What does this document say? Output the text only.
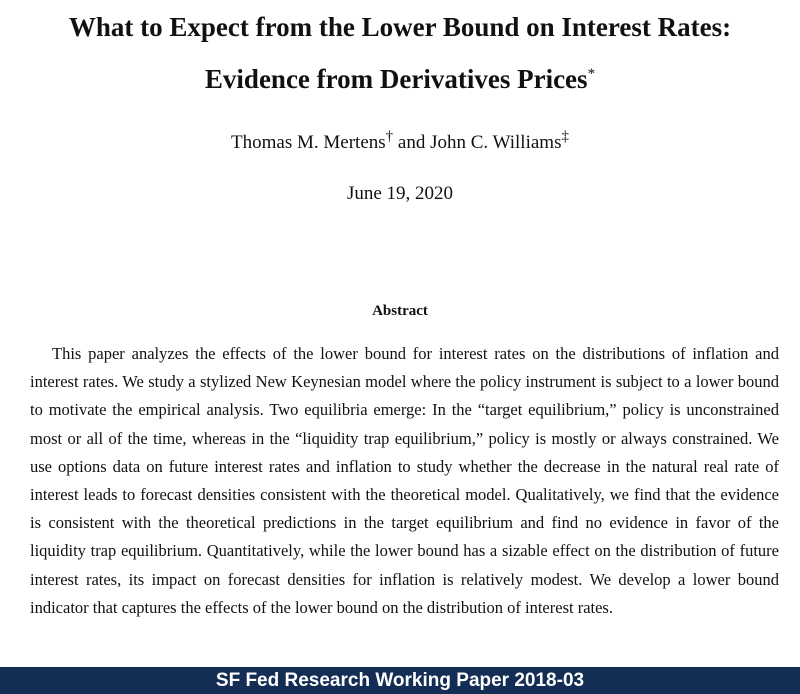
What to Expect from the Lower Bound on Interest Rates:
Evidence from Derivatives Prices*
Thomas M. Mertens† and John C. Williams‡
June 19, 2020
Abstract

This paper analyzes the effects of the lower bound for interest rates on the distributions of inflation and interest rates. We study a stylized New Keynesian model where the policy instrument is subject to a lower bound to motivate the empirical analysis. Two equilibria emerge: In the “target equilibrium,” policy is unconstrained most or all of the time, whereas in the “liquidity trap equilibrium,” policy is mostly or always constrained. We use options data on future interest rates and inflation to study whether the decrease in the natural real rate of interest leads to forecast densities consistent with the theoretical model. Qualitatively, we find that the evidence is consistent with the theoretical predictions in the target equilibrium and find no evidence in favor of the liquidity trap equilibrium. Quantitatively, while the lower bound has a sizable effect on the distribution of future interest rates, its impact on forecast densities for inflation is relatively modest. We develop a lower bound indicator that captures the effects of the lower bound on the distribution of interest rates.

SF Fed Research Working Paper 2018-03
